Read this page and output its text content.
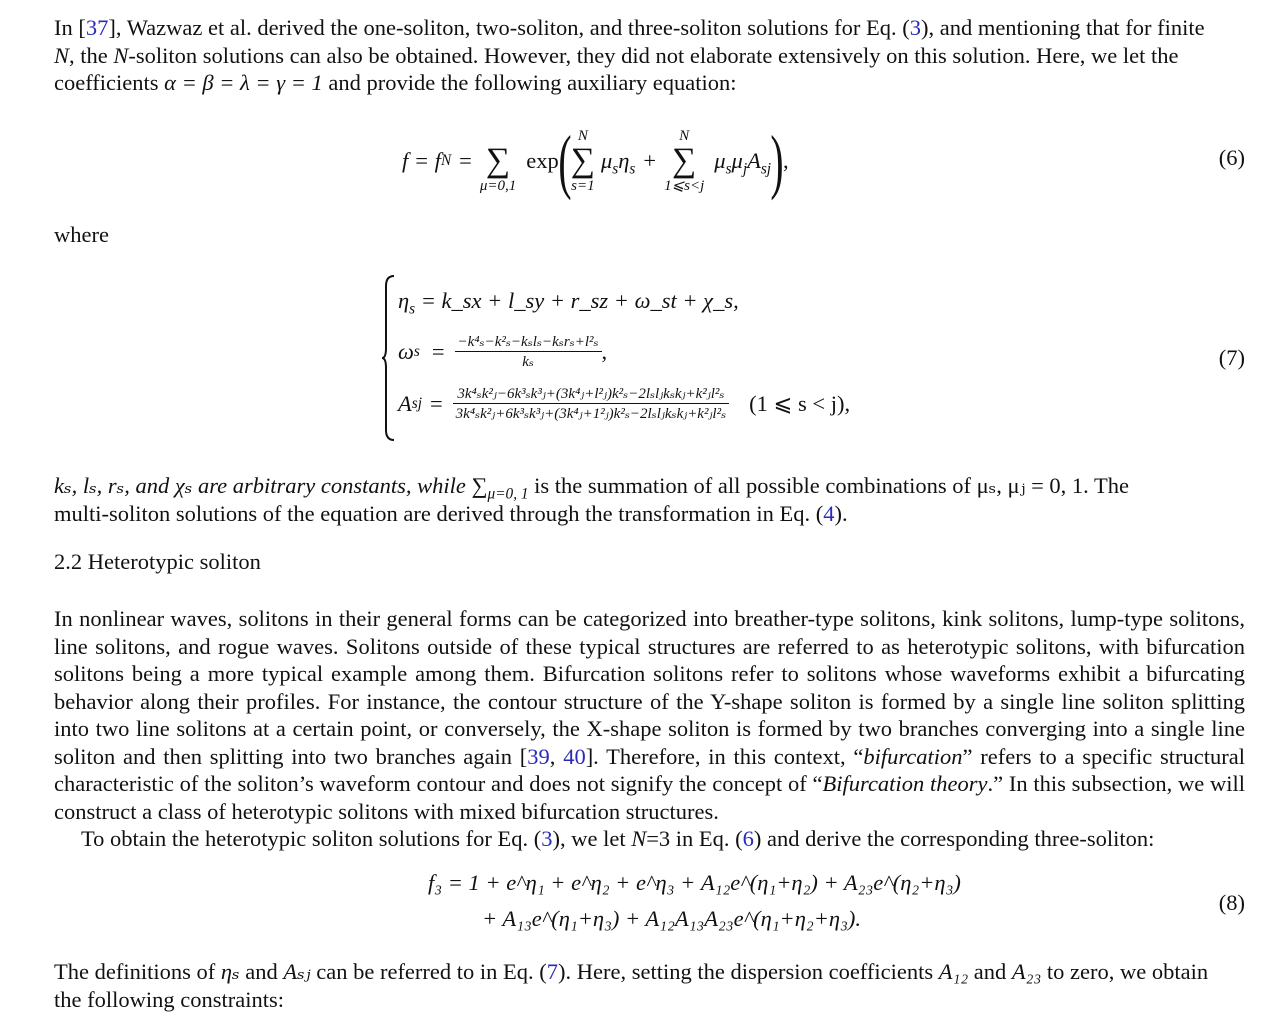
In [37], Wazwaz et al. derived the one-soliton, two-soliton, and three-soliton solutions for Eq. (3), and mentioning that for finite
N, the N-soliton solutions can also be obtained. However, they did not elaborate extensively on this solution. Here, we let the
coefficients α = β = λ = γ = 1 and provide the following auxiliary equation:
f = f N =
∑
μ=0,1
exp ( N
∑
s=1
$\mu_s\eta_s$ +
N
∑
1⩽s<j
$\mu_s\mu_jA_{sj}$ ) ,	(6)
where
$\eta_s$ = k_sx + l_sy + r_sz + ω_st + χ_s,
ω $s = \frac{\text{−k⁴ₛ−k²ₛ−kₛlₛ−kₛrₛ+l²ₛ}}{\text{kₛ}}$ ,
A sj = $\frac{\text{3k⁴ₛk²ⱼ−6k³ₛk³ⱼ+(3k⁴ⱼ+l²ⱼ)k²ₛ−2lₛlⱼkₛkⱼ+k²ⱼl²ₛ}}{\text{3k⁴ₛk²ⱼ+6k³ₛk³ⱼ+(3k⁴ⱼ+1²ⱼ)k²ₛ−2lₛlⱼkₛkⱼ+k²ⱼl²ₛ}} (1$ ⩽ s < j),
(7)
kₛ, lₛ, rₛ, and χₛ are arbitrary constants, while $\sum_{\mu=0, 1}$ is the summation of all possible combinations of μₛ, μⱼ = 0, 1. The
multi-soliton solutions of the equation are derived through the transformation in Eq. (4).
2.2 Heterotypic soliton
In nonlinear waves, solitons in their general forms can be categorized into breather-type solitons, kink solitons, lump-type solitons, line solitons, and rogue waves. Solitons outside of these typical structures are referred to as heterotypic solitons, with bifurcation solitons being a more typical example among them. Bifurcation solitons refer to solitons whose waveforms exhibit a bifurcating behavior along their profiles. For instance, the contour structure of the Y-shape soliton is formed by a single line soliton splitting into two line solitons at a certain point, or conversely, the X-shape soliton is formed by two branches converging into a single line soliton and then splitting into two branches again [39, 40]. Therefore, in this context, “bifurcation” refers to a specific structural characteristic of the soliton’s waveform contour and does not signify the concept of “Bifurcation theory.” In this subsection, we will construct a class of heterotypic solitons with mixed bifurcation structures.
To obtain the heterotypic soliton solutions for Eq. (3), we let N=3 in Eq. (6) and derive the corresponding three-soliton:
f₃ = 1 + e^η₁ + e^η₂ + e^η₃ + A₁₂e^(η₁+η₂) + A₂₃e^(η₂+η₃)
+ A₁₃e^(η₁+η₃) + A₁₂A₁₃A₂₃e^(η₁+η₂+η₃).
(8)
The definitions of ηₛ and Aₛⱼ can be referred to in Eq. (7). Here, setting the dispersion coefficients A₁₂ and A₂₃ to zero, we obtain
the following constraints:
